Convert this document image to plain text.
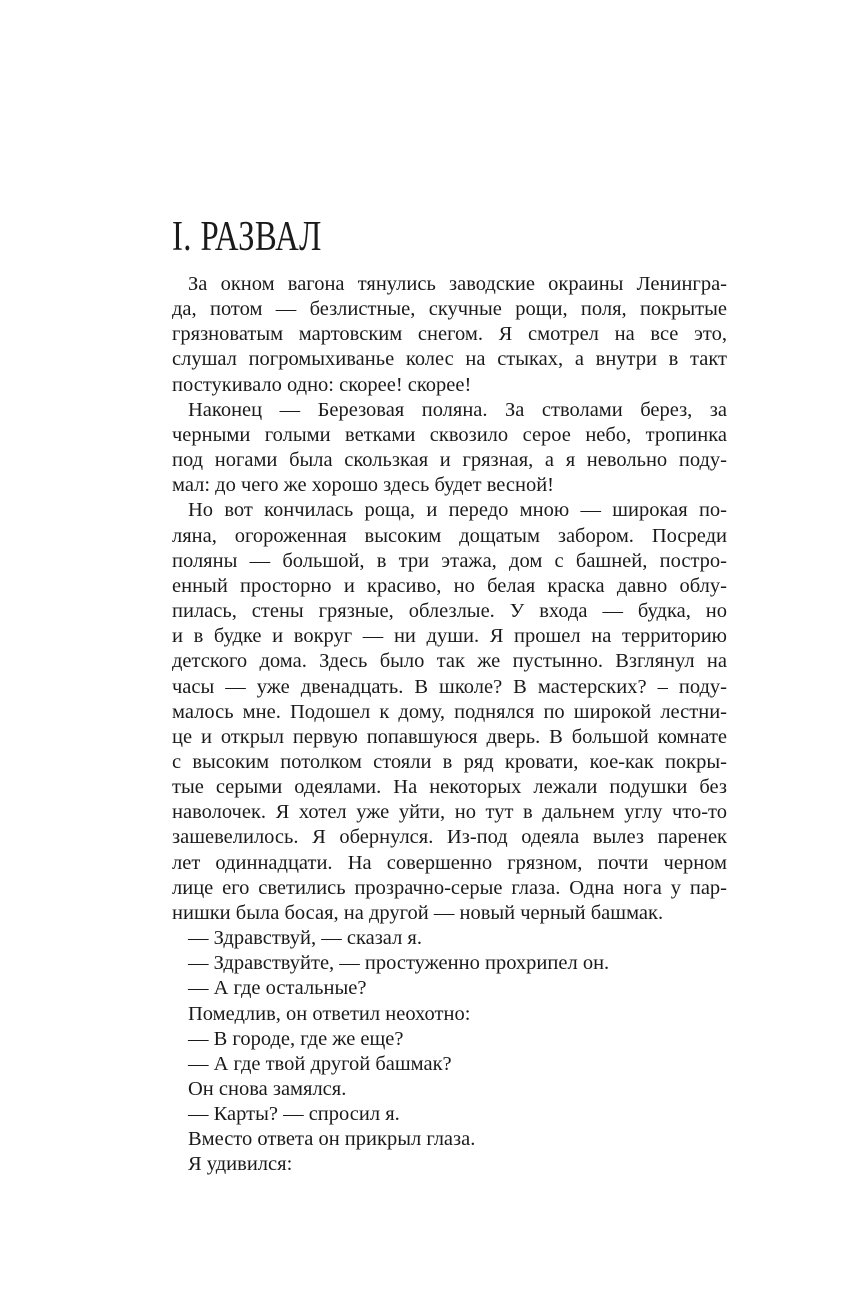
I. РАЗВАЛ
За окном вагона тянулись заводские окраины Ленингра-
да, потом — безлистные, скучные рощи, поля, покрытые
грязноватым мартовским снегом. Я смотрел на все это,
слушал погромыхиванье колес на стыках, а внутри в такт
постукивало одно: скорее! скорее!
Наконец — Березовая поляна. За стволами берез, за
черными голыми ветками сквозило серое небо, тропинка
под ногами была скользкая и грязная, а я невольно поду-
мал: до чего же хорошо здесь будет весной!
Но вот кончилась роща, и передо мною — широкая по-
ляна, огороженная высоким дощатым забором. Посреди
поляны — большой, в три этажа, дом с башней, постро-
енный просторно и красиво, но белая краска давно облу-
пилась, стены грязные, облезлые. У входа — будка, но
и в будке и вокруг — ни души. Я прошел на территорию
детского дома. Здесь было так же пустынно. Взглянул на
часы — уже двенадцать. В школе? В мастерских? – поду-
малось мне. Подошел к дому, поднялся по широкой лестни-
це и открыл первую попавшуюся дверь. В большой комнате
с высоким потолком стояли в ряд кровати, кое-как покры-
тые серыми одеялами. На некоторых лежали подушки без
наволочек. Я хотел уже уйти, но тут в дальнем углу что-то
зашевелилось. Я обернулся. Из-под одеяла вылез паренек
лет одиннадцати. На совершенно грязном, почти черном
лице его светились прозрачно-серые глаза. Одна нога у пар-
нишки была босая, на другой — новый черный башмак.
— Здравствуй, — сказал я.
— Здравствуйте, — простуженно прохрипел он.
— А где остальные?
Помедлив, он ответил неохотно:
— В городе, где же еще?
— А где твой другой башмак?
Он снова замялся.
— Карты? — спросил я.
Вместо ответа он прикрыл глаза.
Я удивился:
